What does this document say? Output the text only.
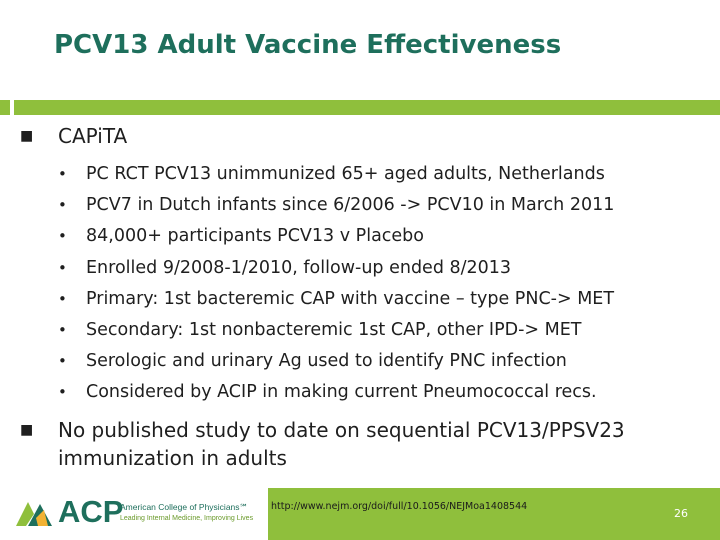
PCV13 Adult Vaccine Effectiveness
■ CAPiTA
• PC RCT PCV13 unimmunized 65+ aged adults, Netherlands
• PCV7 in Dutch infants since 6/2006 -> PCV10 in March 2011
• 84,000+ participants PCV13 v Placebo
• Enrolled 9/2008-1/2010, follow-up ended 8/2013
• Primary: 1st bacteremic CAP with vaccine – type PNC-> MET
• Secondary: 1st nonbacteremic 1st CAP, other IPD-> MET
• Serologic and urinary Ag used to identify PNC infection
• Considered by ACIP in making current Pneumococcal recs.
■ No published study to date on sequential PCV13/PPSV23
immunization in adults
ACP
American College of Physicians℠
Leading Internal Medicine, Improving Lives
http://www.nejm.org/doi/full/10.1056/NEJMoa1408544
26
